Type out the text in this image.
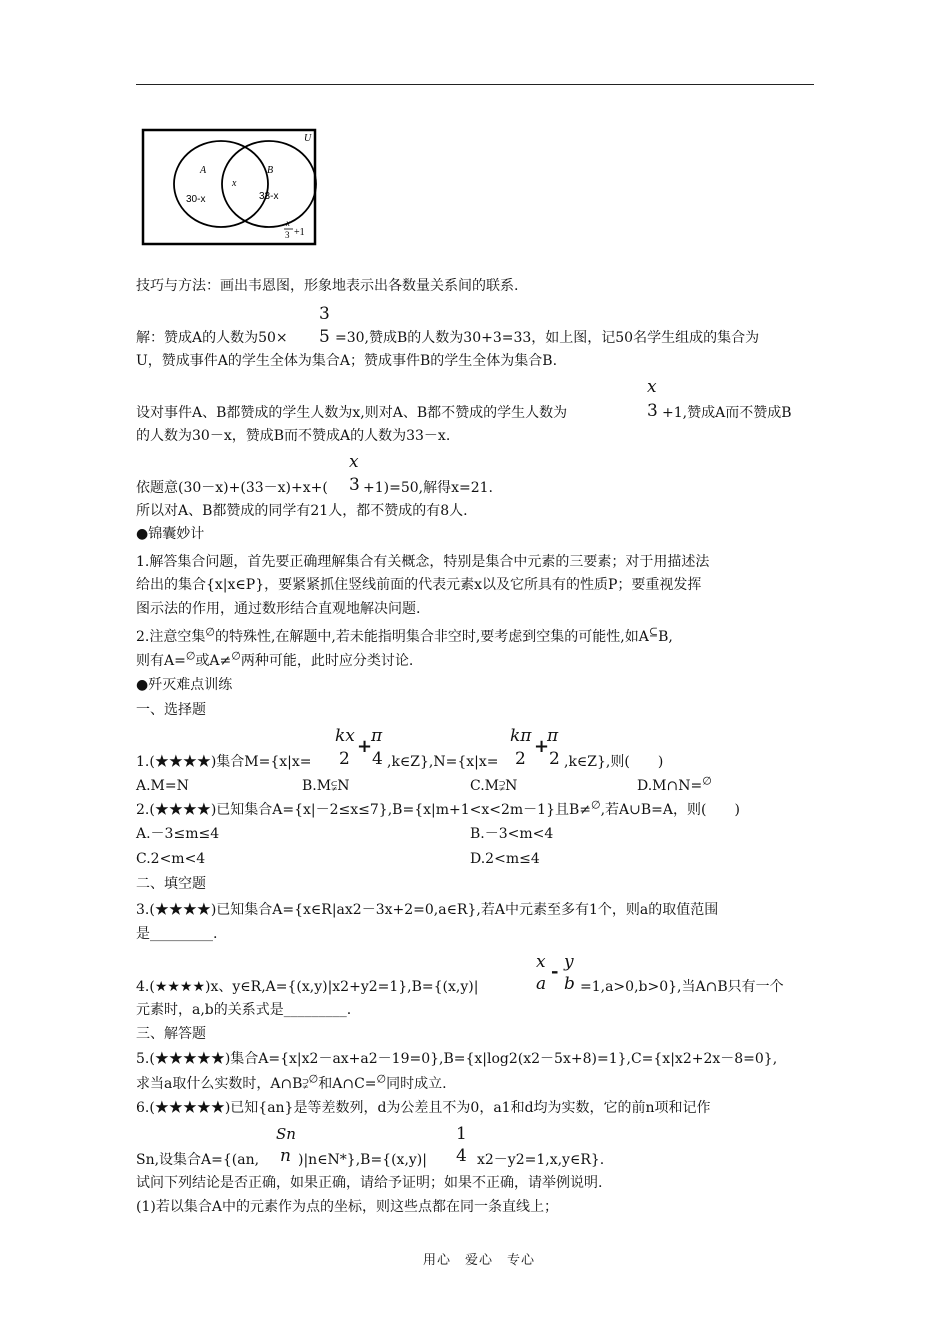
U
A	B
x
30-x	33-x
x
3 +1
技巧与方法：画出韦恩图，形象地表示出各数量关系间的联系.
3
5
解：赞成A的人数为50×	=30,赞成B的人数为30+3=33，如上图，记50名学生组成的集合为
U，赞成事件A的学生全体为集合A；赞成事件B的学生全体为集合B.
x
3
设对事件A、B都赞成的学生人数为x,则对A、B都不赞成的学生人数为	+1,赞成A而不赞成B
的人数为30－x，赞成B而不赞成A的人数为33－x.
x
3
依题意(30－x)+(33－x)+x+(	+1)=50,解得x=21.
所以对A、B都赞成的同学有21人，都不赞成的有8人.
●锦囊妙计
1.解答集合问题，首先要正确理解集合有关概念，特别是集合中元素的三要素；对于用描述法
给出的集合{x|x∈P}，要紧紧抓住竖线前面的代表元素x以及它所具有的性质P；要重视发挥
图示法的作用，通过数形结合直观地解决问题.
2.注意空集∅的特殊性,在解题中,若未能指明集合非空时,要考虑到空集的可能性,如A⊆B,
则有A=∅或A≠∅两种可能，此时应分类讨论.
●歼灭难点训练
一、选择题
kx
2
+
π
4
kπ
2
+
π
2
1.(★★★★)集合M={x|x=	,k∈Z},N={x|x=	,k∈Z},则(　　)
A.M=N	B.M⫋N	C.M⫌N	D.M∩N=∅
2.(★★★★)已知集合A={x|－2≤x≤7},B={x|m+1<x<2m－1}且B≠∅,若A∪B=A，则(　　)
A.－3≤m≤4	B.－3<m<4
C.2<m<4	D.2<m≤4
二、填空题
3.(★★★★)已知集合A={x∈R|ax2－3x+2=0,a∈R},若A中元素至多有1个，则a的取值范围
是_________.
x
a
- y
b
4.(★★★★)x、y∈R,A={(x,y)|x2+y2=1},B={(x,y)|	=1,a>0,b>0},当A∩B只有一个
元素时，a,b的关系式是_________.
三、解答题
5.(★★★★★)集合A={x|x2－ax+a2－19=0},B={x|log2(x2－5x+8)=1},C={x|x2+2x－8=0},
求当a取什么实数时，A∩B⫌∅和A∩C=∅同时成立.
6.(★★★★★)已知{an}是等差数列，d为公差且不为0，a1和d均为实数，它的前n项和记作
Sn
n
1
4
Sn,设集合A={(an,	)|n∈N*},B={(x,y)|	x2－y2=1,x,y∈R}.
试问下列结论是否正确，如果正确，请给予证明；如果不正确，请举例说明.
(1)若以集合A中的元素作为点的坐标，则这些点都在同一条直线上；
用心　爱心　专心
